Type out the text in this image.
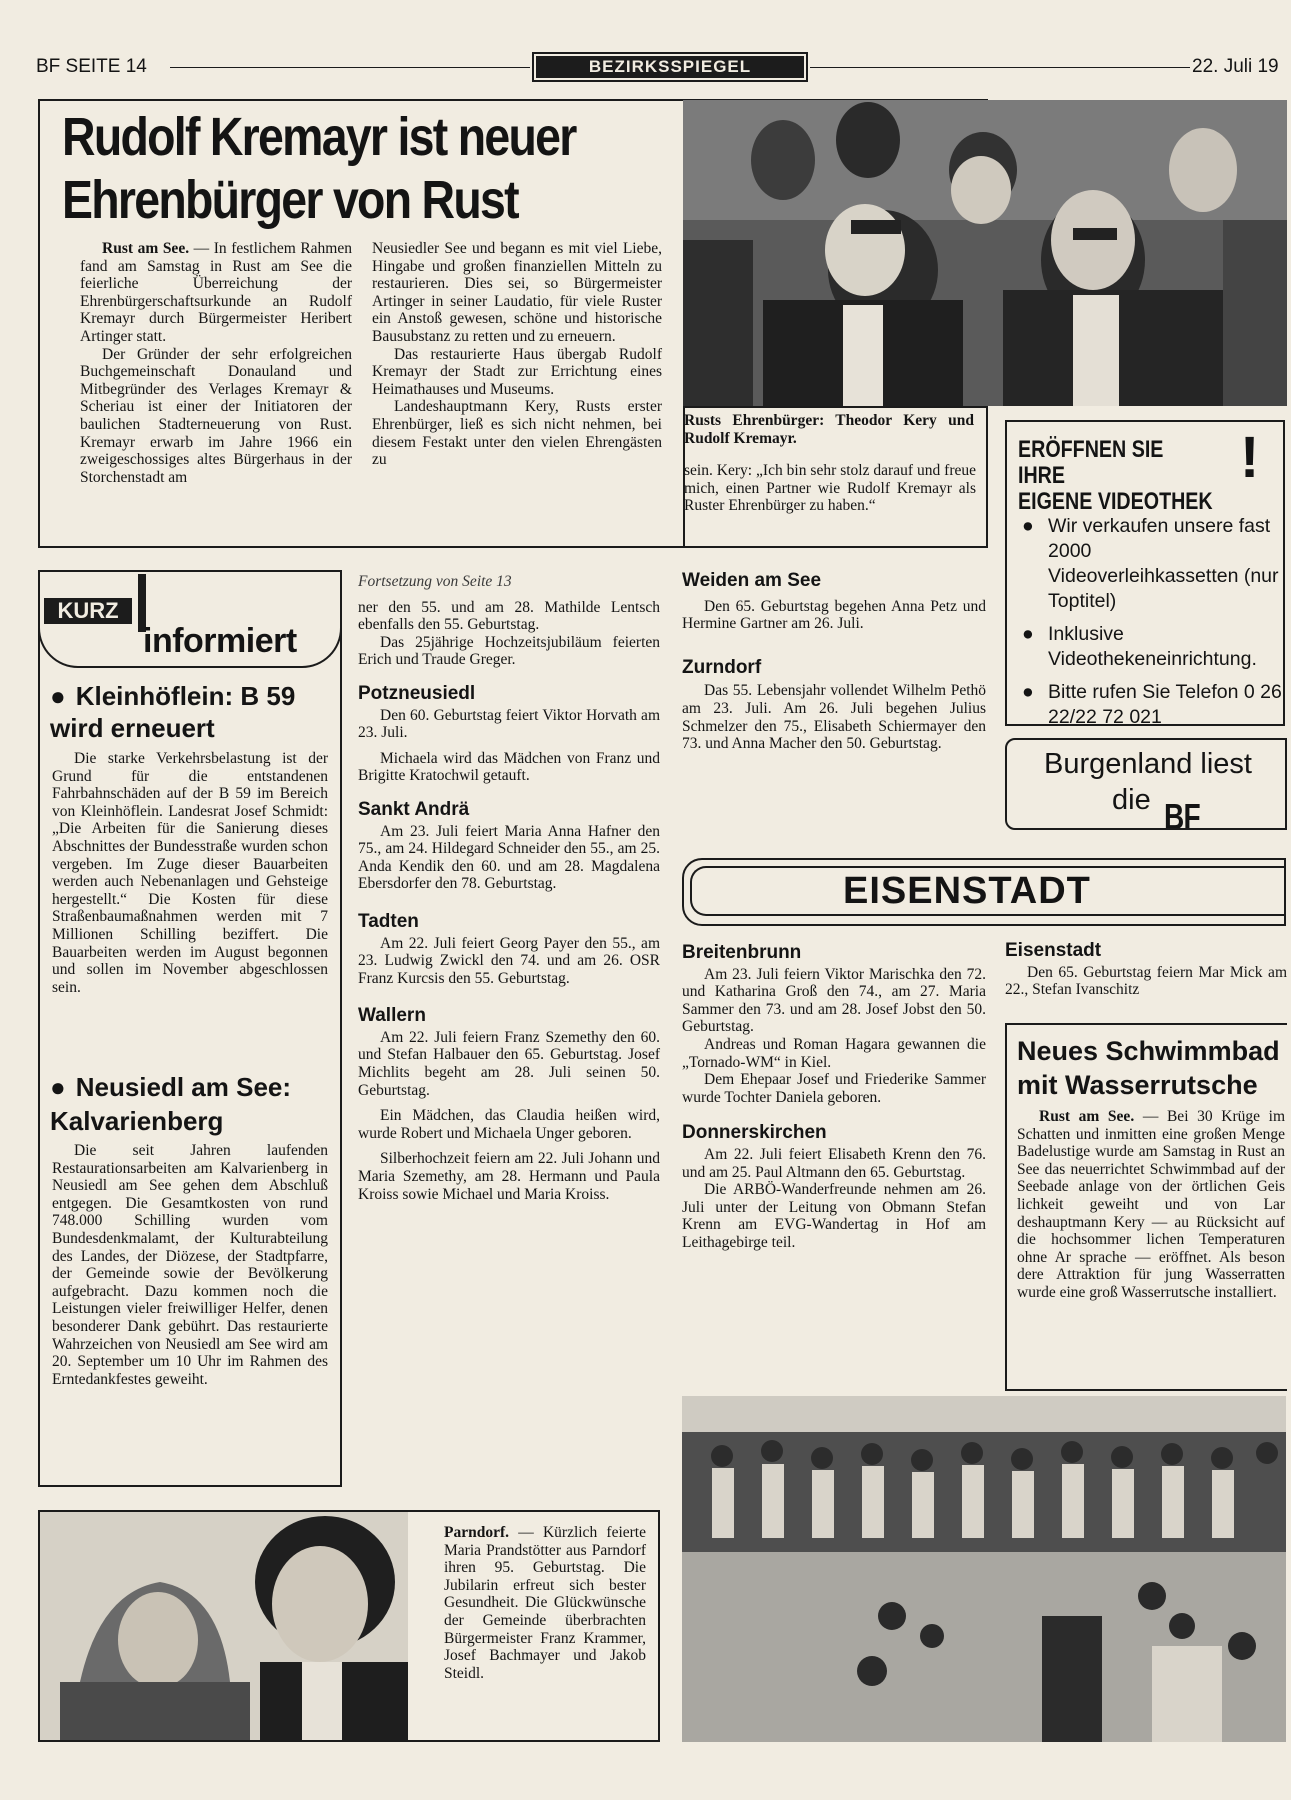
BF SEITE 14	BEZIRKSSPIEGEL	22. Juli 19
Rudolf Kremayr ist neuer
Ehrenbürger von Rust

Rust am See. — In festlichem Rahmen fand am Samstag in Rust am See die feierliche Überreichung der Ehrenbürgerschaftsurkunde an Rudolf Kremayr durch Bürgermeister Heribert Artinger statt.

Der Gründer der sehr erfolgreichen Buchgemeinschaft Donauland und Mitbegründer des Verlages Kremayr & Scheriau ist einer der Initiatoren der baulichen Stadterneuerung von Rust. Kremayr erwarb im Jahre 1966 ein zweigeschossiges altes Bürgerhaus in der Storchenstadt am

Neusiedler See und begann es mit viel Liebe, Hingabe und großen finanziellen Mitteln zu restaurieren. Dies sei, so Bürgermeister Artinger in seiner Laudatio, für viele Ruster ein Anstoß gewesen, schöne und historische Bausubstanz zu retten und zu erneuern.

Das restaurierte Haus übergab Rudolf Kremayr der Stadt zur Errichtung eines Heimathauses und Museums.

Landeshauptmann Kery, Rusts erster Ehrenbürger, ließ es sich nicht nehmen, bei diesem Festakt unter den vielen Ehrengästen zu

Rusts Ehrenbürger: Theodor Kery und Rudolf Kremayr.

sein. Kery: „Ich bin sehr stolz darauf und freue mich, einen Partner wie Rudolf Kremayr als Ruster Ehrenbürger zu haben.“

ERÖFFNEN SIE IHRE
EIGENE VIDEOTHEK
!
● Wir verkaufen unsere fast 2000 Videoverleihkassetten (nur Toptitel)
● Inklusive Videothekeneinrichtung.
● Bitte rufen Sie Telefon 0 26 22/22 72 021
Burgenland liest
die BF
KURZ
informiert
● Kleinhöflein: B 59 wird erneuert

Die starke Verkehrsbelastung ist der Grund für die entstandenen Fahrbahnschäden auf der B 59 im Bereich von Kleinhöflein. Landesrat Josef Schmidt: „Die Arbeiten für die Sanierung dieses Abschnittes der Bundesstraße wurden schon vergeben. Im Zuge dieser Bauarbeiten werden auch Nebenanlagen und Gehsteige hergestellt.“ Die Kosten für diese Straßenbaumaßnahmen werden mit 7 Millionen Schilling beziffert. Die Bauarbeiten werden im August begonnen und sollen im November abgeschlossen sein.

● Neusiedl am See: Kalvarienberg

Die seit Jahren laufenden Restaurationsarbeiten am Kalvarienberg in Neusiedl am See gehen dem Abschluß entgegen. Die Gesamtkosten von rund 748.000 Schilling wurden vom Bundesdenkmalamt, der Kulturabteilung des Landes, der Diözese, der Stadtpfarre, der Gemeinde sowie der Bevölkerung aufgebracht. Dazu kommen noch die Leistungen vieler freiwilliger Helfer, denen besonderer Dank gebührt. Das restaurierte Wahrzeichen von Neusiedl am See wird am 20. September um 10 Uhr im Rahmen des Erntedankfestes geweiht.

Fortsetzung von Seite 13

ner den 55. und am 28. Mathilde Lentsch ebenfalls den 55. Geburtstag.

Das 25jährige Hochzeitsjubiläum feierten Erich und Traude Greger.

Potzneusiedl

Den 60. Geburtstag feiert Viktor Horvath am 23. Juli.

Michaela wird das Mädchen von Franz und Brigitte Kratochwil getauft.

Sankt Andrä

Am 23. Juli feiert Maria Anna Hafner den 75., am 24. Hildegard Schneider den 55., am 25. Anda Kendik den 60. und am 28. Magdalena Ebersdorfer den 78. Geburtstag.

Tadten

Am 22. Juli feiert Georg Payer den 55., am 23. Ludwig Zwickl den 74. und am 26. OSR Franz Kurcsis den 55. Geburtstag.

Wallern

Am 22. Juli feiern Franz Szemethy den 60. und Stefan Halbauer den 65. Geburtstag. Josef Michlits begeht am 28. Juli seinen 50. Geburtstag.

Ein Mädchen, das Claudia heißen wird, wurde Robert und Michaela Unger geboren.

Silberhochzeit feiern am 22. Juli Johann und Maria Szemethy, am 28. Hermann und Paula Kroiss sowie Michael und Maria Kroiss.

Weiden am See

Den 65. Geburtstag begehen Anna Petz und Hermine Gartner am 26. Juli.

Zurndorf

Das 55. Lebensjahr vollendet Wilhelm Pethö am 23. Juli. Am 26. Juli begehen Julius Schmelzer den 75., Elisabeth Schiermayer den 73. und Anna Macher den 50. Geburtstag.

EISENSTADT
Breitenbrunn

Am 23. Juli feiern Viktor Marischka den 72. und Katharina Groß den 74., am 27. Maria Sammer den 73. und am 28. Josef Jobst den 50. Geburtstag.

Andreas und Roman Hagara gewannen die „Tornado-WM“ in Kiel.

Dem Ehepaar Josef und Friederike Sammer wurde Tochter Daniela geboren.

Donnerskirchen

Am 22. Juli feiert Elisabeth Krenn den 76. und am 25. Paul Altmann den 65. Geburtstag.

Die ARBÖ-Wanderfreunde nehmen am 26. Juli unter der Leitung von Obmann Stefan Krenn am EVG-Wandertag in Hof am Leithagebirge teil.

Eisenstadt

Den 65. Geburtstag feiern Mar Mick am 22., Stefan Ivanschitz

Neues Schwimmbad
mit Wasserrutsche

Rust am See. — Bei 30 Krüge im Schatten und inmitten eine großen Menge Badelustige wurde am Samstag in Rust an See das neuerrichtet Schwimmbad auf der Seebade anlage von der örtlichen Geis lichkeit geweiht und von Lar deshauptmann Kery — au Rücksicht auf die hochsommer lichen Temperaturen ohne Ar sprache — eröffnet. Als beson dere Attraktion für jung Wasserratten wurde eine groß Wasserrutsche installiert.

Parndorf. — Kürzlich feierte Maria Prandstötter aus Parndorf ihren 95. Geburtstag. Die Jubilarin erfreut sich bester Gesundheit. Die Glückwünsche der Gemeinde überbrachten Bürgermeister Franz Krammer, Josef Bachmayer und Jakob Steidl.
